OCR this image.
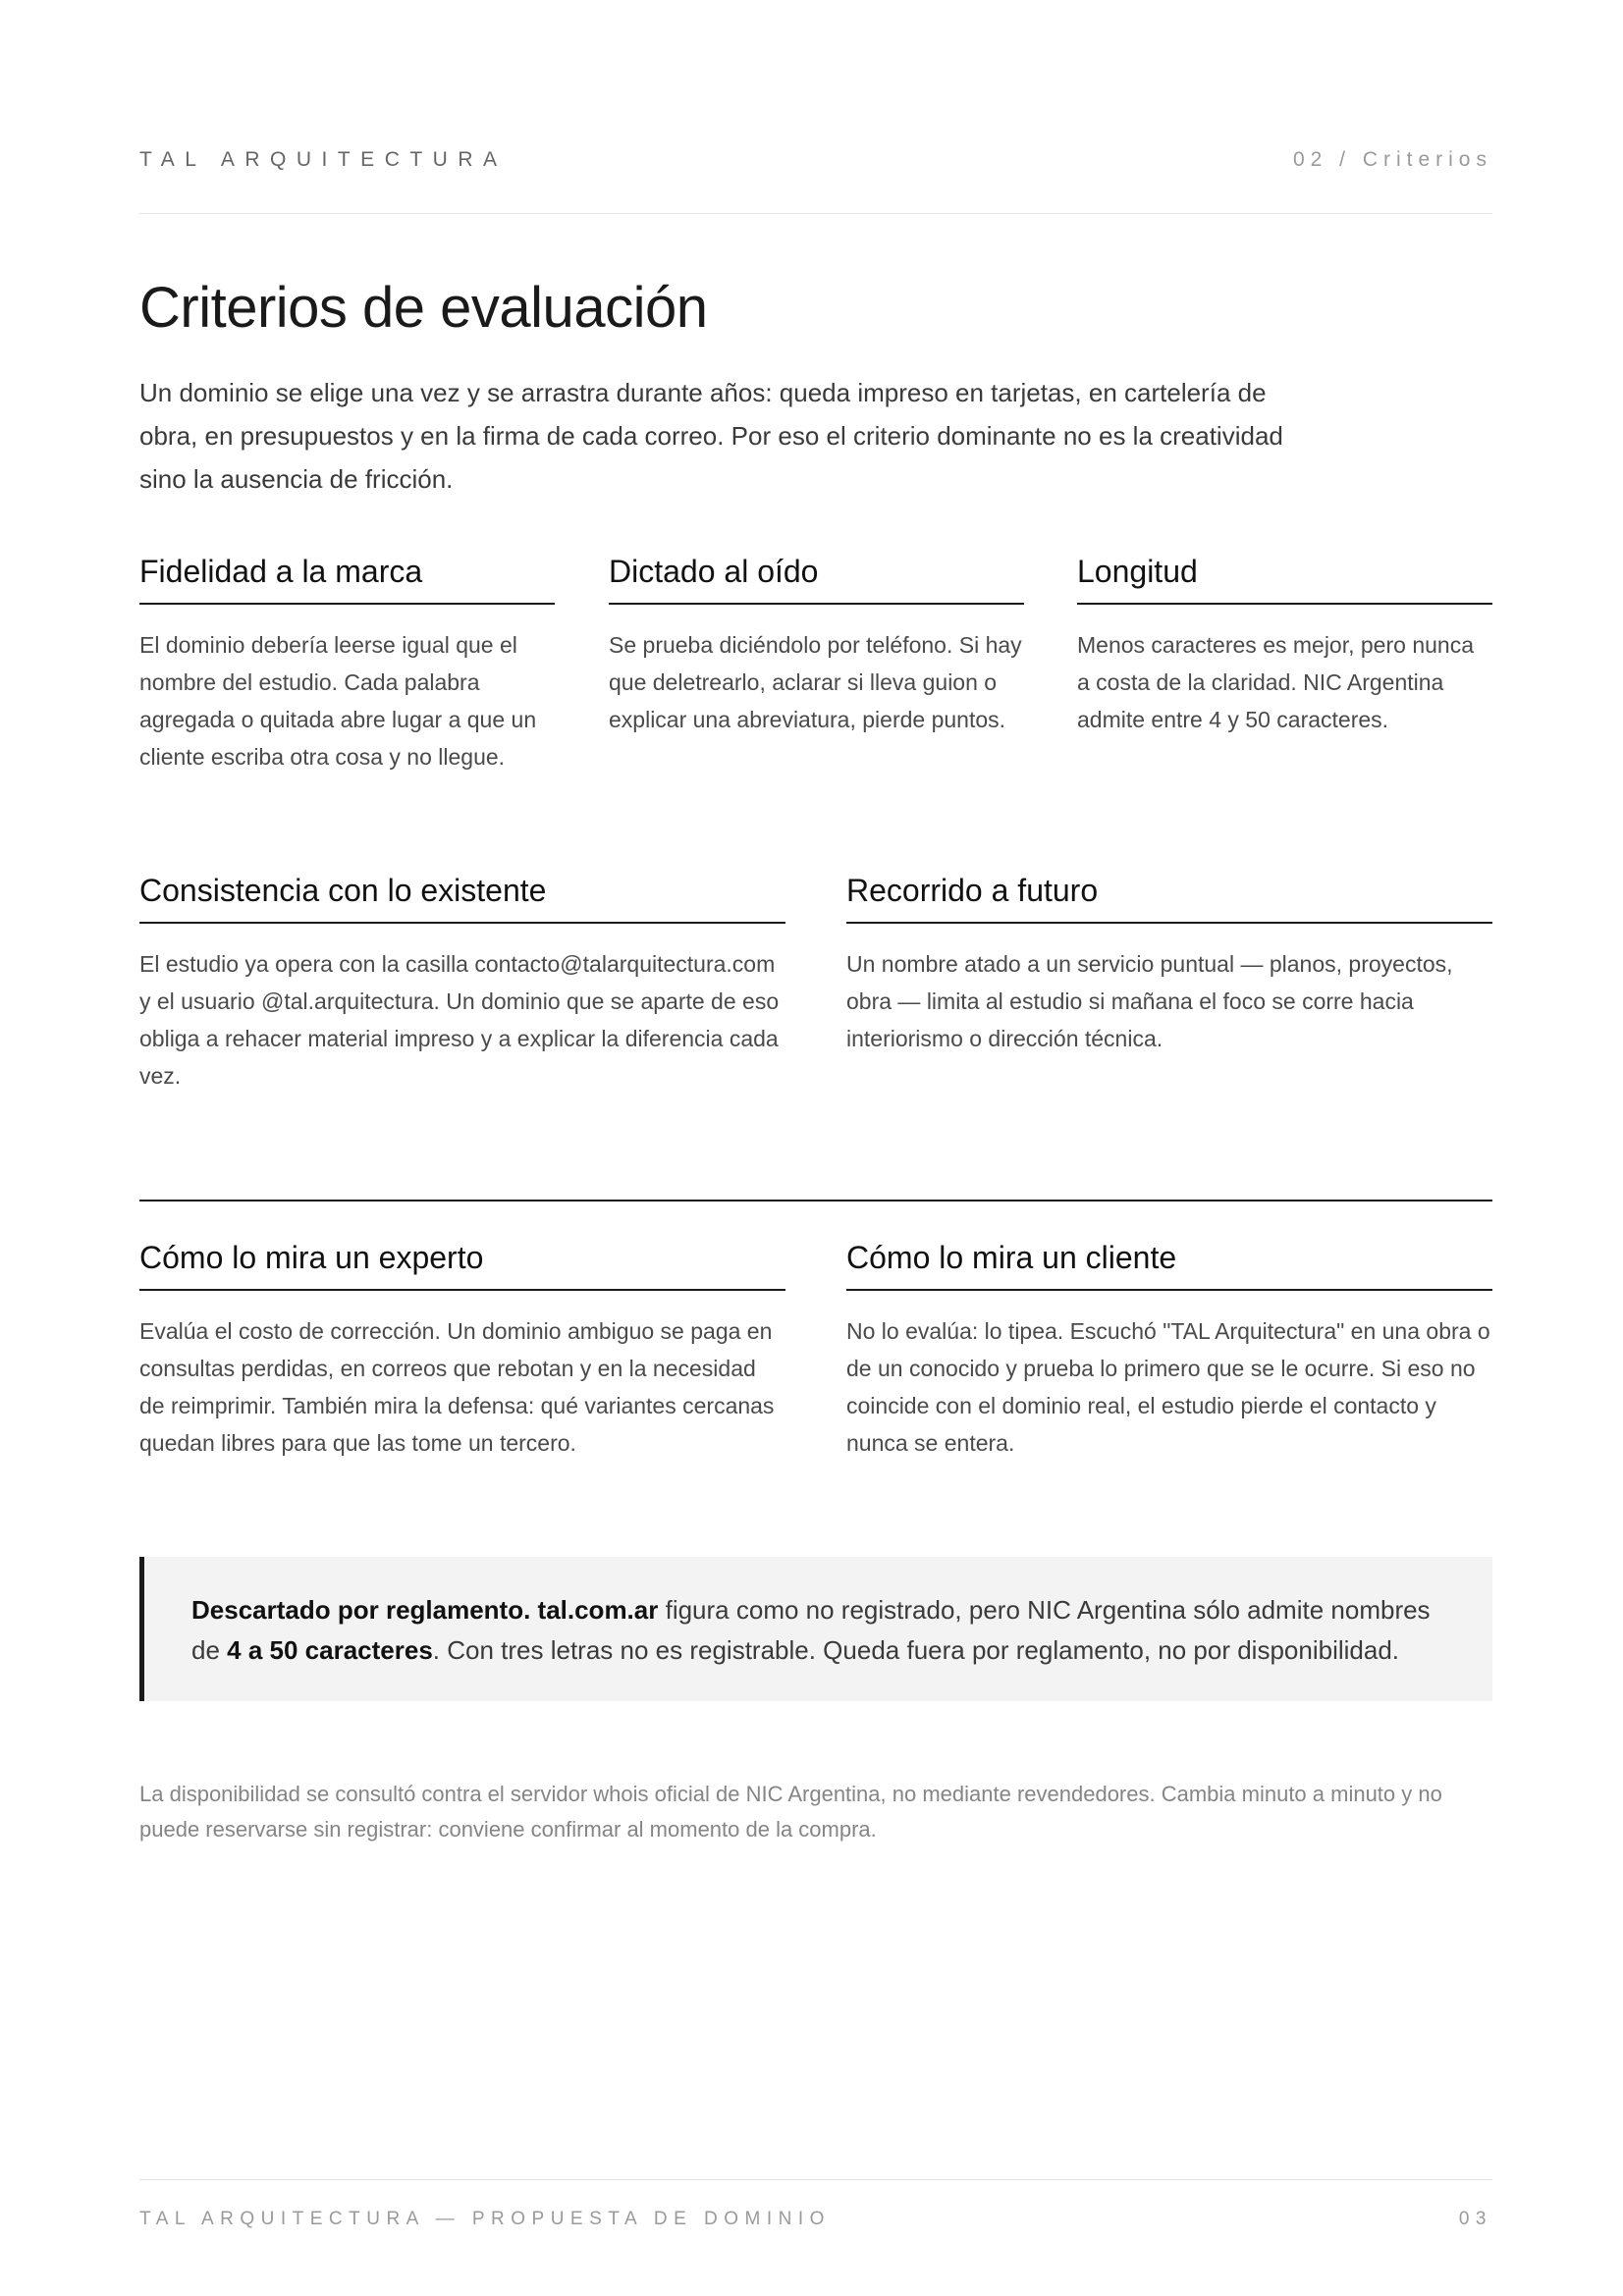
TAL ARQUITECTURA	02 / Criterios
Criterios de evaluación

Un dominio se elige una vez y se arrastra durante años: queda impreso en tarjetas, en cartelería de obra, en presupuestos y en la firma de cada correo. Por eso el criterio dominante no es la creatividad sino la ausencia de fricción.

Fidelidad a la marca
El dominio debería leerse igual que el nombre del estudio. Cada palabra agregada o quitada abre lugar a que un cliente escriba otra cosa y no llegue.
Dictado al oído
Se prueba diciéndolo por teléfono. Si hay que deletrearlo, aclarar si lleva guion o explicar una abreviatura, pierde puntos.
Longitud
Menos caracteres es mejor, pero nunca a costa de la claridad. NIC Argentina admite entre 4 y 50 caracteres.
Consistencia con lo existente
El estudio ya opera con la casilla contacto@talarquitectura.com y el usuario @tal.arquitectura. Un dominio que se aparte de eso obliga a rehacer material impreso y a explicar la diferencia cada vez.
Recorrido a futuro
Un nombre atado a un servicio puntual — planos, proyectos, obra — limita al estudio si mañana el foco se corre hacia interiorismo o dirección técnica.
Cómo lo mira un experto
Evalúa el costo de corrección. Un dominio ambiguo se paga en consultas perdidas, en correos que rebotan y en la necesidad de reimprimir. También mira la defensa: qué variantes cercanas quedan libres para que las tome un tercero.
Cómo lo mira un cliente
No lo evalúa: lo tipea. Escuchó "TAL Arquitectura" en una obra o de un conocido y prueba lo primero que se le ocurre. Si eso no coincide con el dominio real, el estudio pierde el contacto y nunca se entera.
Descartado por reglamento. tal.com.ar figura como no registrado, pero NIC Argentina sólo admite nombres de 4 a 50 caracteres. Con tres letras no es registrable. Queda fuera por reglamento, no por disponibilidad.

La disponibilidad se consultó contra el servidor whois oficial de NIC Argentina, no mediante revendedores. Cambia minuto a minuto y no puede reservarse sin registrar: conviene confirmar al momento de la compra.

TAL ARQUITECTURA — PROPUESTA DE DOMINIO	03
